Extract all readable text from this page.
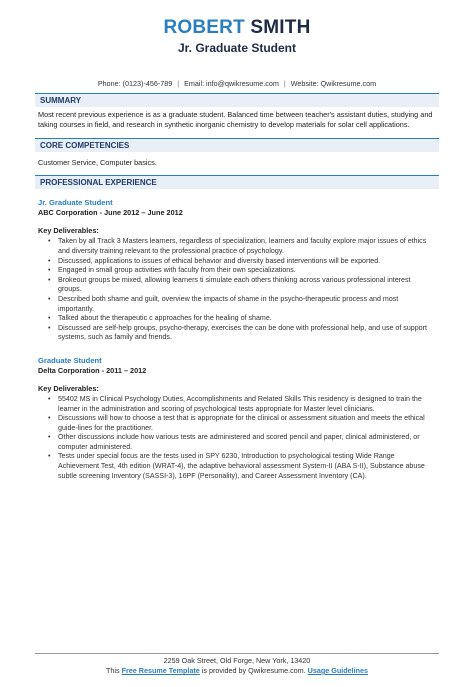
ROBERT SMITH
Jr. Graduate Student
Phone: (0123)-456-789 | Email: info@qwikresume.com | Website: Qwikresume.com
SUMMARY
Most recent previous experience is as a graduate student. Balanced time between teacher's assistant duties, studying and taking courses in field, and research in synthetic inorganic chemistry to develop materials for solar cell applications.
CORE COMPETENCIES
Customer Service, Computer basics.
PROFESSIONAL EXPERIENCE
Jr. Graduate Student
ABC Corporation - June 2012 – June 2012
Key Deliverables:
• Taken by all Track 3 Masters learners, regardless of specialization, learners and faculty explore major issues of ethics and diversity training relevant to the professional practice of psychology.
• Discussed, applications to issues of ethical behavior and diversity based interventions will be exported.
• Engaged in small group activities with faculty from their own specializations.
• Brokeout groups be mixed, allowing learners ti simulate each others thinking across various professional interest groups.
• Described both shame and guilt, overview the impacts of shame in the psycho-therapeutic process and most importantly.
• Talked about the therapeutic c approaches for the healing of shame.
• Discussed are self-help groups, psycho-therapy, exercises the can be done with professional help, and use of support systems, such as family and friends.
Graduate Student
Delta Corporation - 2011 – 2012
Key Deliverables:
• 55402 MS in Clinical Psychology Duties, Accomplishments and Related Skills This residency is designed to train the learner in the administration and scoring of psychological tests appropriate for Master level clinicians.
• Discussions will how to choose a test that is appropriate for the clinical or assessment situation and meets the ethical guide-lines for the practitioner.
• Other discussions include how various tests are administered and scored pencil and paper, clinical administered, or computer administered.
• Tests under special focus are the tests used in SPY 6230, Introduction to psychological testing Wide Range Achievement Test, 4th edition (WRAT-4), the adaptive behavioral assessment System-II (ABA S-II), Substance abuse subtle screening Inventory (SASSI-3), 16PF (Personality), and Career Assessment Inventory (CA).
2259 Oak Street, Old Forge, New York, 13420
This Free Resume Template is provided by Qwikresume.com. Usage Guidelines
